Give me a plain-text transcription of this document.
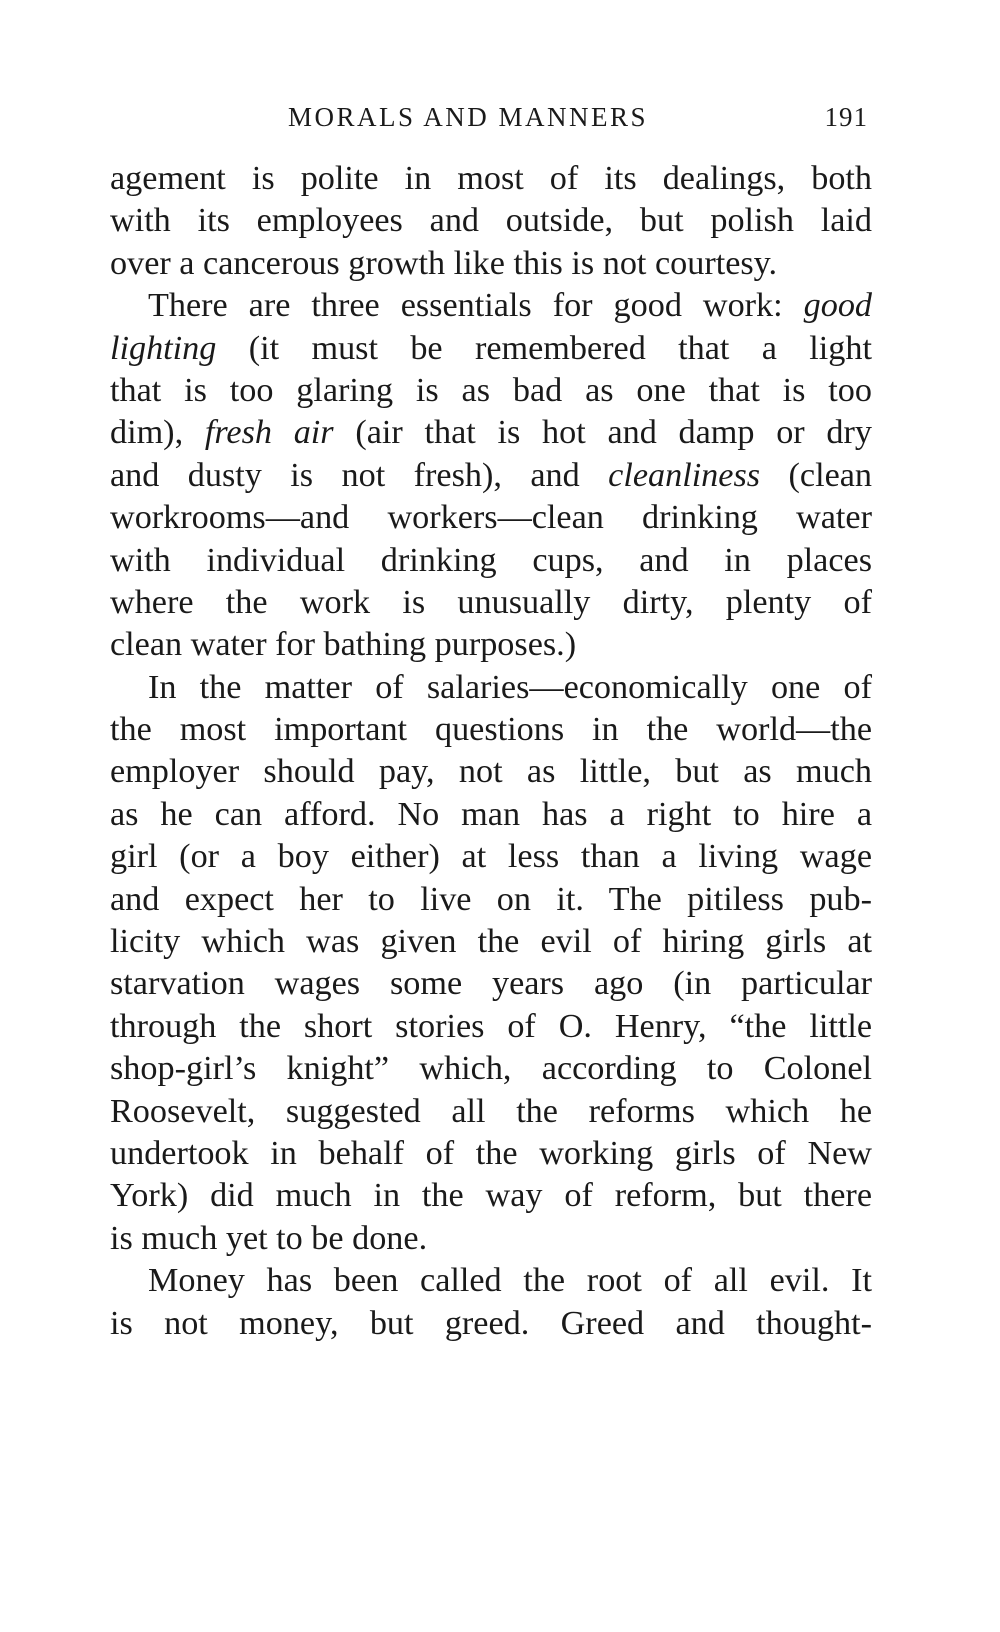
MORALS AND MANNERS	191
agement is polite in most of its dealings, both
with its employees and outside, but polish laid
over a cancerous growth like this is not courtesy.
There are three essentials for good work: good
lighting (it must be remembered that a light
that is too glaring is as bad as one that is too
dim), fresh air (air that is hot and damp or dry
and dusty is not fresh), and cleanliness (clean
workrooms—and workers—clean drinking water
with individual drinking cups, and in places
where the work is unusually dirty, plenty of
clean water for bathing purposes.)
In the matter of salaries—economically one of
the most important questions in the world—the
employer should pay, not as little, but as much
as he can afford. No man has a right to hire a
girl (or a boy either) at less than a living wage
and expect her to live on it. The pitiless pub-
licity which was given the evil of hiring girls at
starvation wages some years ago (in particular
through the short stories of O. Henry, “the little
shop-girl’s knight” which, according to Colonel
Roosevelt, suggested all the reforms which he
undertook in behalf of the working girls of New
York) did much in the way of reform, but there
is much yet to be done.
Money has been called the root of all evil. It
is not money, but greed. Greed and thought-
